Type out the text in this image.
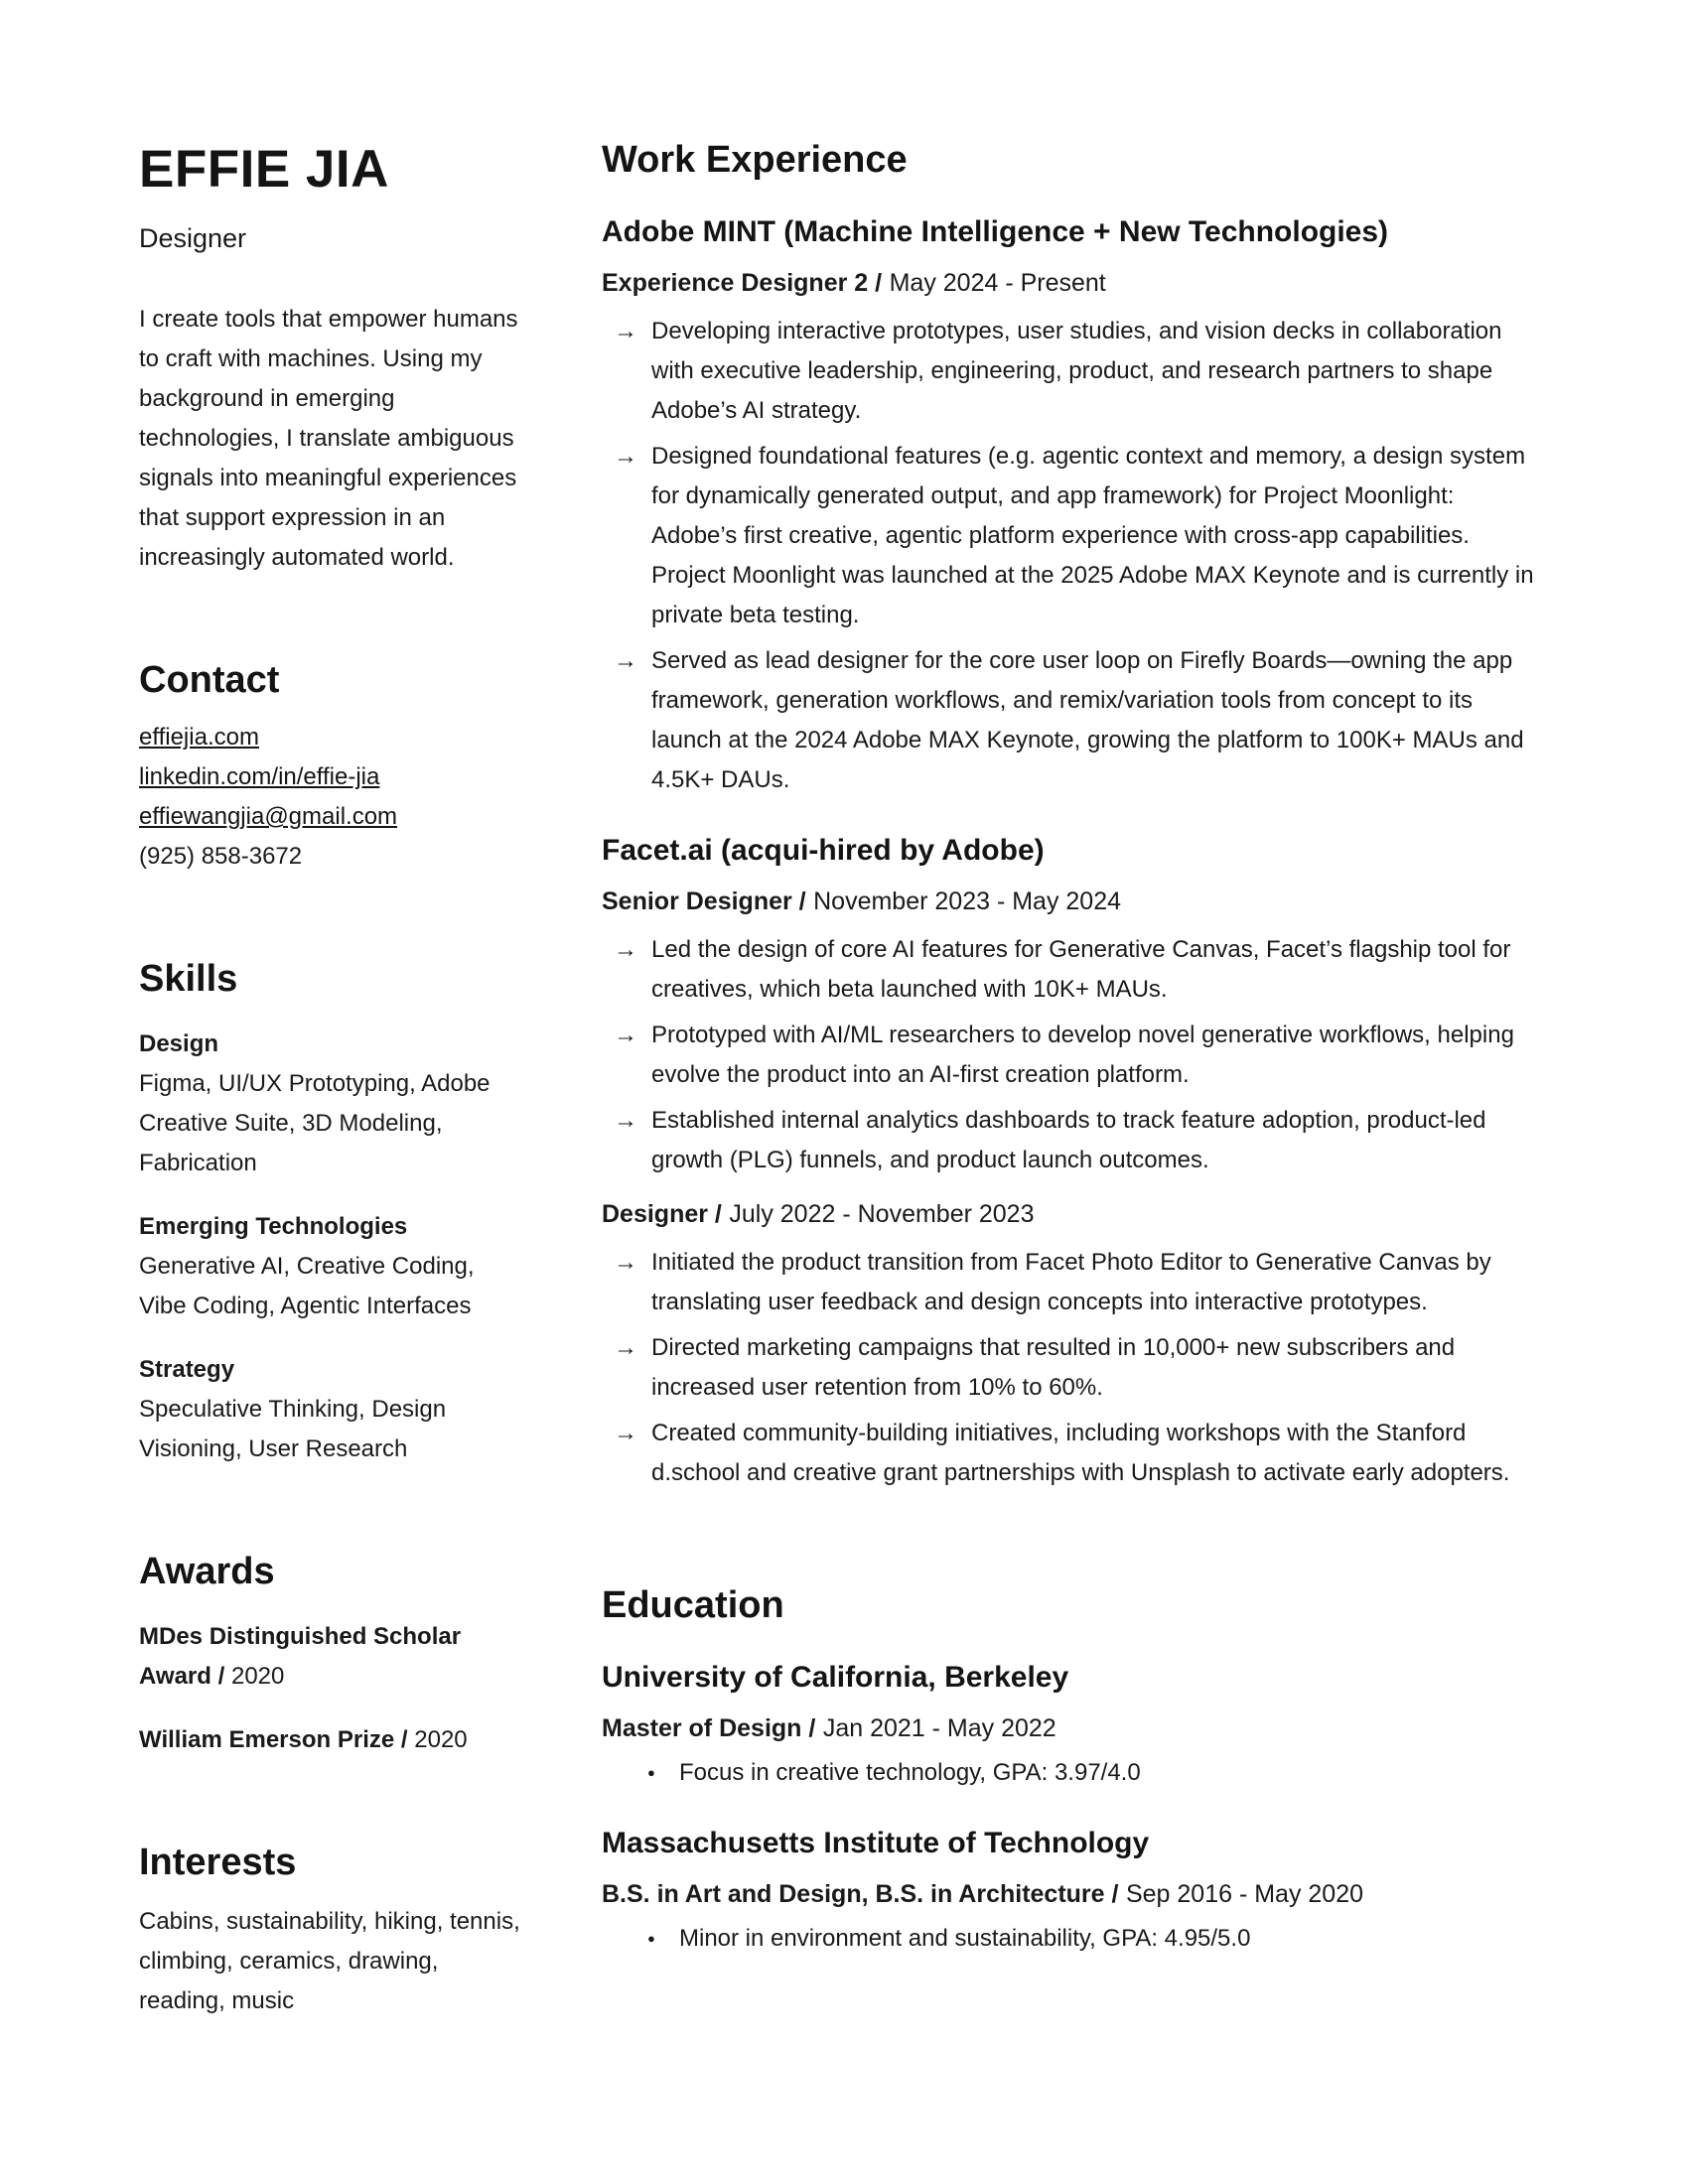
EFFIE JIA
Designer

I create tools that empower humans to craft with machines. Using my background in emerging technologies, I translate ambiguous signals into meaningful experiences that support expression in an increasingly automated world.

Contact
effiejia.com
linkedin.com/in/effie-jia
effiewangjia@gmail.com
(925) 858-3672
Skills
Design
Figma, UI/UX Prototyping, Adobe Creative Suite, 3D Modeling, Fabrication
Emerging Technologies
Generative AI, Creative Coding, Vibe Coding, Agentic Interfaces
Strategy
Speculative Thinking, Design Visioning, User Research
Awards

MDes Distinguished Scholar Award / 2020

William Emerson Prize / 2020

Interests

Cabins, sustainability, hiking, tennis, climbing, ceramics, drawing, reading, music

Work Experience
Adobe MINT (Machine Intelligence + New Technologies)

Experience Designer 2 / May 2024 - Present

→ Developing interactive prototypes, user studies, and vision decks in collaboration with executive leadership, engineering, product, and research partners to shape Adobe’s AI strategy.
→ Designed foundational features (e.g. agentic context and memory, a design system for dynamically generated output, and app framework) for Project Moonlight: Adobe’s first creative, agentic platform experience with cross-app capabilities. Project Moonlight was launched at the 2025 Adobe MAX Keynote and is currently in private beta testing.
→ Served as lead designer for the core user loop on Firefly Boards—owning the app framework, generation workflows, and remix/variation tools from concept to its launch at the 2024 Adobe MAX Keynote, growing the platform to 100K+ MAUs and 4.5K+ DAUs.
Facet.ai (acqui-hired by Adobe)

Senior Designer / November 2023 - May 2024

→ Led the design of core AI features for Generative Canvas, Facet’s flagship tool for creatives, which beta launched with 10K+ MAUs.
→ Prototyped with AI/ML researchers to develop novel generative workflows, helping evolve the product into an AI-first creation platform.
→ Established internal analytics dashboards to track feature adoption, product-led growth (PLG) funnels, and product launch outcomes.

Designer / July 2022 - November 2023

→ Initiated the product transition from Facet Photo Editor to Generative Canvas by translating user feedback and design concepts into interactive prototypes.
→ Directed marketing campaigns that resulted in 10,000+ new subscribers and increased user retention from 10% to 60%.
→ Created community-building initiatives, including workshops with the Stanford d.school and creative grant partnerships with Unsplash to activate early adopters.
Education
University of California, Berkeley

Master of Design / Jan 2021 - May 2022

●	Focus in creative technology, GPA: 3.97/4.0
Massachusetts Institute of Technology

B.S. in Art and Design, B.S. in Architecture / Sep 2016 - May 2020

●	Minor in environment and sustainability, GPA: 4.95/5.0
